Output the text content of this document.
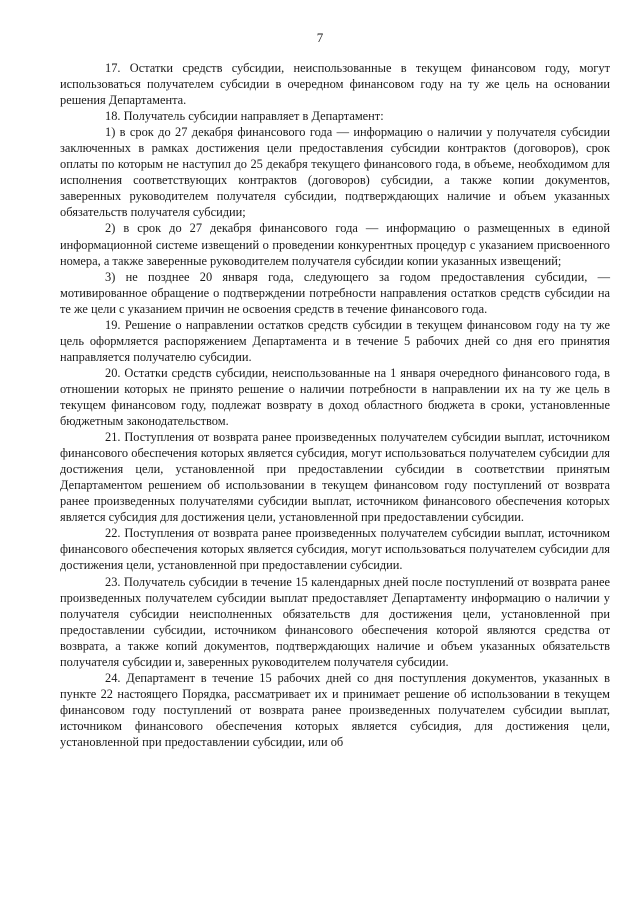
7

17. Остатки средств субсидии, неиспользованные в текущем финансовом году, могут использоваться получателем субсидии в очередном финансовом году на ту же цель на основании решения Департамента.

18. Получатель субсидии направляет в Департамент:

1) в срок до 27 декабря финансового года — информацию о наличии у получателя субсидии заключенных в рамках достижения цели предоставления субсидии контрактов (договоров), срок оплаты по которым не наступил до 25 декабря текущего финансового года, в объеме, необходимом для исполнения соответствующих контрактов (договоров) субсидии, а также копии документов, заверенных руководителем получателя субсидии, подтверждающих наличие и объем указанных обязательств получателя субсидии;

2) в срок до 27 декабря финансового года — информацию о размещенных в единой информационной системе извещений о проведении конкурентных процедур с указанием присвоенного номера, а также заверенные руководителем получателя субсидии копии указанных извещений;

3) не позднее 20 января года, следующего за годом предоставления субсидии, — мотивированное обращение о подтверждении потребности направления остатков средств субсидии на те же цели с указанием причин не освоения средств в течение финансового года.

19. Решение о направлении остатков средств субсидии в текущем финансовом году на ту же цель оформляется распоряжением Департамента и в течение 5 рабочих дней со дня его принятия направляется получателю субсидии.

20. Остатки средств субсидии, неиспользованные на 1 января очередного финансового года, в отношении которых не принято решение о наличии потребности в направлении их на ту же цель в текущем финансовом году, подлежат возврату в доход областного бюджета в сроки, установленные бюджетным законодательством.

21. Поступления от возврата ранее произведенных получателем субсидии выплат, источником финансового обеспечения которых является субсидия, могут использоваться получателем субсидии для достижения цели, установленной при предоставлении субсидии в соответствии принятым Департаментом решением об использовании в текущем финансовом году поступлений от возврата ранее произведенных получателями субсидии выплат, источником финансового обеспечения которых является субсидия для достижения цели, установленной при предоставлении субсидии.

22. Поступления от возврата ранее произведенных получателем субсидии выплат, источником финансового обеспечения которых является субсидия, могут использоваться получателем субсидии для достижения цели, установленной при предоставлении субсидии.

23. Получатель субсидии в течение 15 календарных дней после поступлений от возврата ранее произведенных получателем субсидии выплат предоставляет Департаменту информацию о наличии у получателя субсидии неисполненных обязательств для достижения цели, установленной при предоставлении субсидии, источником финансового обеспечения которой являются средства от возврата, а также копий документов, подтверждающих наличие и объем указанных обязательств получателя субсидии и, заверенных руководителем получателя субсидии.

24. Департамент в течение 15 рабочих дней со дня поступления документов, указанных в пункте 22 настоящего Порядка, рассматривает их и принимает решение об использовании в текущем финансовом году поступлений от возврата ранее произведенных получателем субсидии выплат, источником финансового обеспечения которых является субсидия, для достижения цели, установленной при предоставлении субсидии, или об
